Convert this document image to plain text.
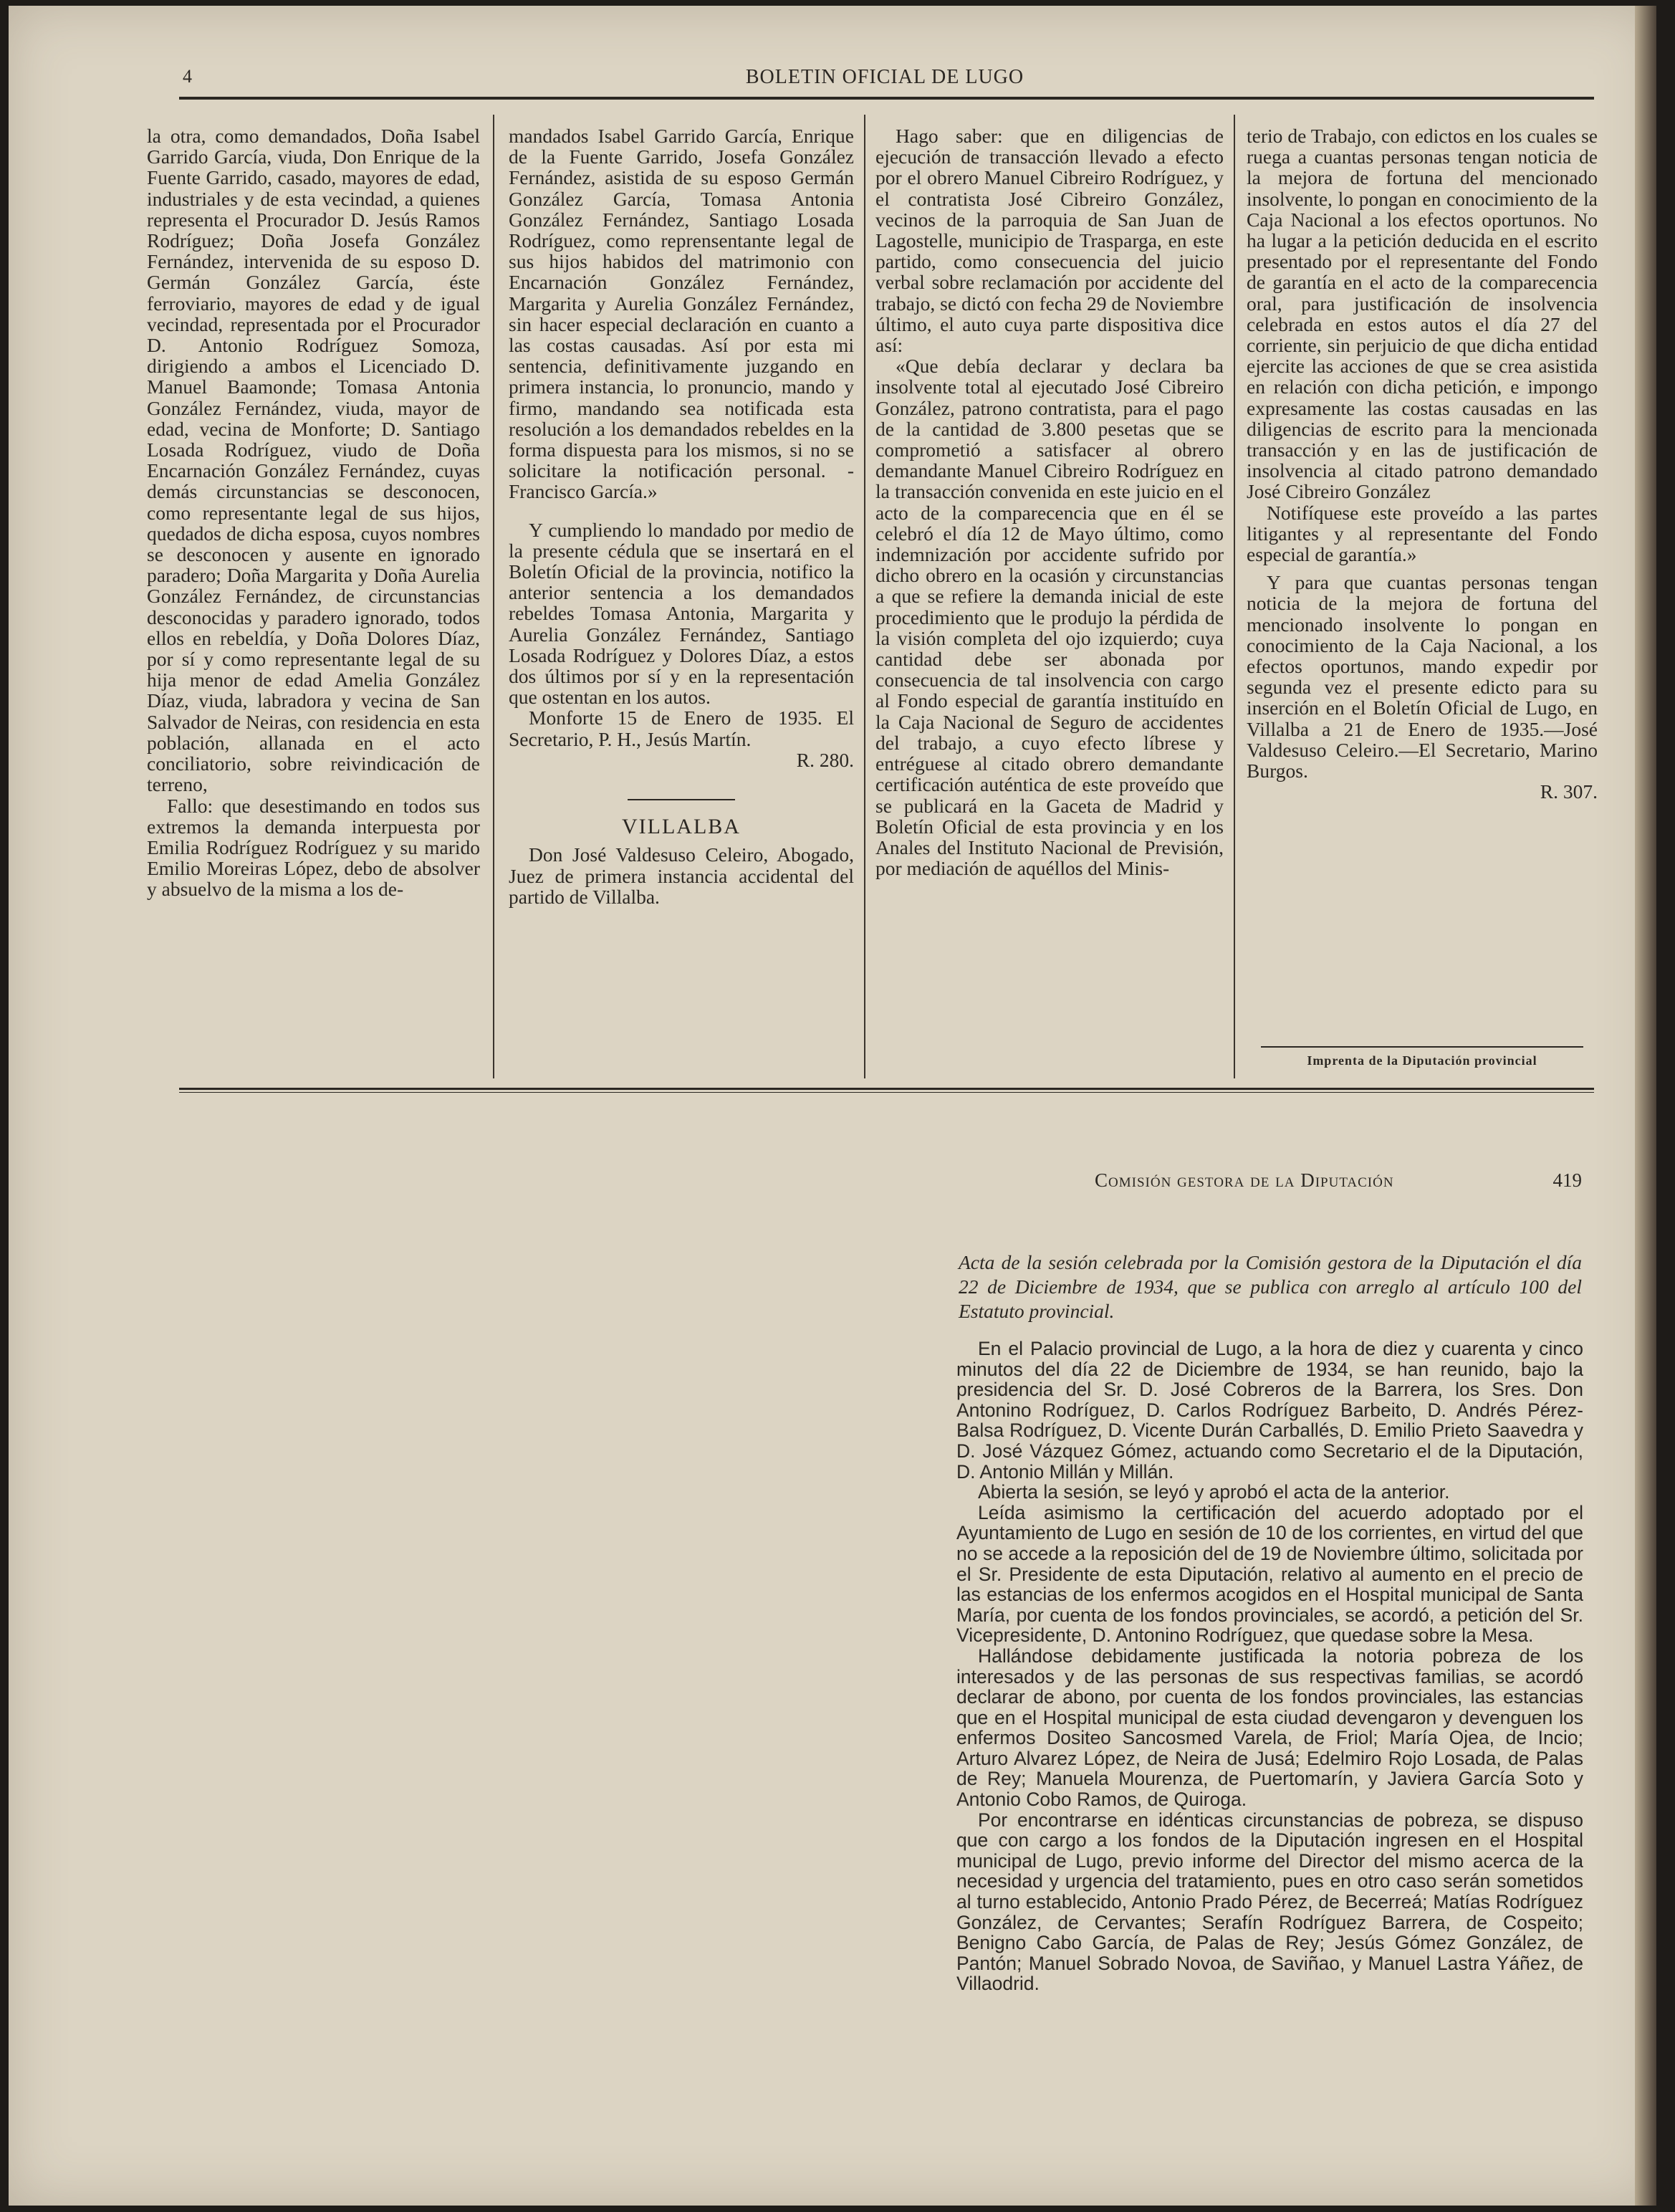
4	BOLETIN OFICIAL DE LUGO

la otra, como demandados, Doña Isabel Garrido García, viuda, Don Enrique de la Fuente Garrido, casado, mayores de edad, industriales y de esta vecindad, a quienes representa el Procurador D. Jesús Ramos Rodríguez; Doña Josefa González Fernández, intervenida de su esposo D. Germán González García, éste ferroviario, mayores de edad y de igual vecindad, representada por el Procurador D. Antonio Rodríguez Somoza, dirigiendo a ambos el Licenciado D. Manuel Baamonde; Tomasa Antonia González Fernández, viuda, mayor de edad, vecina de Monforte; D. Santiago Losada Rodríguez, viudo de Doña Encarnación González Fernández, cuyas demás circunstancias se desconocen, como representante legal de sus hijos, quedados de dicha esposa, cuyos nombres se desconocen y ausente en ignorado paradero; Doña Margarita y Doña Aurelia González Fernández, de circunstancias desconocidas y paradero ignorado, todos ellos en rebeldía, y Doña Dolores Díaz, por sí y como representante legal de su hija menor de edad Amelia González Díaz, viuda, labradora y vecina de San Salvador de Neiras, con residencia en esta población, allanada en el acto conciliatorio, sobre reivindicación de terreno,

Fallo: que desestimando en todos sus extremos la demanda interpuesta por Emilia Rodríguez Rodríguez y su marido Emilio Moreiras López, debo de absolver y absuelvo de la misma a los de-

mandados Isabel Garrido García, Enrique de la Fuente Garrido, Josefa González Fernández, asistida de su esposo Germán González García, Tomasa Antonia González Fernández, Santiago Losada Rodríguez, como reprensentante legal de sus hijos habidos del matrimonio con Encarnación González Fernández, Margarita y Aurelia González Fernández, sin hacer especial declaración en cuanto a las costas causadas. Así por esta mi sentencia, definitivamente juzgando en primera instancia, lo pronuncio, mando y firmo, mandando sea notificada esta resolución a los demandados rebeldes en la forma dispuesta para los mismos, si no se solicitare la notificación personal. - Francisco García.»

Y cumpliendo lo mandado por medio de la presente cédula que se insertará en el Boletín Oficial de la provincia, notifico la anterior sentencia a los demandados rebeldes Tomasa Antonia, Margarita y Aurelia González Fernández, Santiago Losada Rodríguez y Dolores Díaz, a estos dos últimos por sí y en la representación que ostentan en los autos.

Monforte 15 de Enero de 1935. El Secretario, P. H., Jesús Martín.

R. 280.
VILLALBA

Don José Valdesuso Celeiro, Abogado, Juez de primera instancia accidental del partido de Villalba.

Hago saber: que en diligencias de ejecución de transacción llevado a efecto por el obrero Manuel Cibreiro Rodríguez, y el contratista José Cibreiro González, vecinos de la parroquia de San Juan de Lagostelle, municipio de Trasparga, en este partido, como consecuencia del juicio verbal sobre reclamación por accidente del trabajo, se dictó con fecha 29 de Noviembre último, el auto cuya parte dispositiva dice así:

«Que debía declarar y declara ba insolvente total al ejecutado José Cibreiro González, patrono contratista, para el pago de la cantidad de 3.800 pesetas que se comprometió a satisfacer al obrero demandante Manuel Cibreiro Rodríguez en la transacción convenida en este juicio en el acto de la comparecencia que en él se celebró el día 12 de Mayo último, como indemnización por accidente sufrido por dicho obrero en la ocasión y circunstancias a que se refiere la demanda inicial de este procedimiento que le produjo la pérdida de la visión completa del ojo izquierdo; cuya cantidad debe ser abonada por consecuencia de tal insolvencia con cargo al Fondo especial de garantía instituído en la Caja Nacional de Seguro de accidentes del trabajo, a cuyo efecto líbrese y entréguese al citado obrero demandante certificación auténtica de este proveído que se publicará en la Gaceta de Madrid y Boletín Oficial de esta provincia y en los Anales del Instituto Nacional de Previsión, por mediación de aquéllos del Minis-

terio de Trabajo, con edictos en los cuales se ruega a cuantas personas tengan noticia de la mejora de fortuna del mencionado insolvente, lo pongan en conocimiento de la Caja Nacional a los efectos oportunos. No ha lugar a la petición deducida en el escrito presentado por el representante del Fondo de garantía en el acto de la comparecencia oral, para justificación de insolvencia celebrada en estos autos el día 27 del corriente, sin perjuicio de que dicha entidad ejercite las acciones de que se crea asistida en relación con dicha petición, e impongo expresamente las costas causadas en las diligencias de escrito para la mencionada transacción y en las de justificación de insolvencia al citado patrono demandado José Cibreiro González

Notifíquese este proveído a las partes litigantes y al representante del Fondo especial de garantía.»

Y para que cuantas personas tengan noticia de la mejora de fortuna del mencionado insolvente lo pongan en conocimiento de la Caja Nacional, a los efectos oportunos, mando expedir por segunda vez el presente edicto para su inserción en el Boletín Oficial de Lugo, en Villalba a 21 de Enero de 1935.—José Valdesuso Celeiro.—El Secretario, Marino Burgos.

R. 307.
Imprenta de la Diputación provincial
Comisión gestora de la Diputación	419
Acta de la sesión celebrada por la Comisión gestora de la Diputación el día 22 de Diciembre de 1934, que se publica con arreglo al artículo 100 del Estatuto provincial.

En el Palacio provincial de Lugo, a la hora de diez y cuarenta y cinco minutos del día 22 de Diciembre de 1934, se han reunido, bajo la presidencia del Sr. D. José Cobreros de la Barrera, los Sres. Don Antonino Rodríguez, D. Carlos Rodríguez Barbeito, D. Andrés Pérez-Balsa Rodríguez, D. Vicente Durán Carballés, D. Emilio Prieto Saavedra y D. José Vázquez Gómez, actuando como Secretario el de la Diputación, D. Antonio Millán y Millán.

Abierta la sesión, se leyó y aprobó el acta de la anterior.

Leída asimismo la certificación del acuerdo adoptado por el Ayuntamiento de Lugo en sesión de 10 de los corrientes, en virtud del que no se accede a la reposición del de 19 de Noviembre último, solicitada por el Sr. Presidente de esta Diputación, relativo al aumento en el precio de las estancias de los enfermos acogidos en el Hospital municipal de Santa María, por cuenta de los fondos provinciales, se acordó, a petición del Sr. Vicepresidente, D. Antonino Rodríguez, que quedase sobre la Mesa.

Hallándose debidamente justificada la notoria pobreza de los interesados y de las personas de sus respectivas familias, se acordó declarar de abono, por cuenta de los fondos provinciales, las estancias que en el Hospital municipal de esta ciudad devengaron y devenguen los enfermos Dositeo Sancosmed Varela, de Friol; María Ojea, de Incio; Arturo Alvarez López, de Neira de Jusá; Edelmiro Rojo Losada, de Palas de Rey; Manuela Mourenza, de Puertomarín, y Javiera García Soto y Antonio Cobo Ramos, de Quiroga.

Por encontrarse en idénticas circunstancias de pobreza, se dispuso que con cargo a los fondos de la Diputación ingresen en el Hospital municipal de Lugo, previo informe del Director del mismo acerca de la necesidad y urgencia del tratamiento, pues en otro caso serán sometidos al turno establecido, Antonio Prado Pérez, de Becerreá; Matías Rodríguez González, de Cervantes; Serafín Rodríguez Barrera, de Cospeito; Benigno Cabo García, de Palas de Rey; Jesús Gómez González, de Pantón; Manuel Sobrado Novoa, de Saviñao, y Manuel Lastra Yáñez, de Villaodrid.
